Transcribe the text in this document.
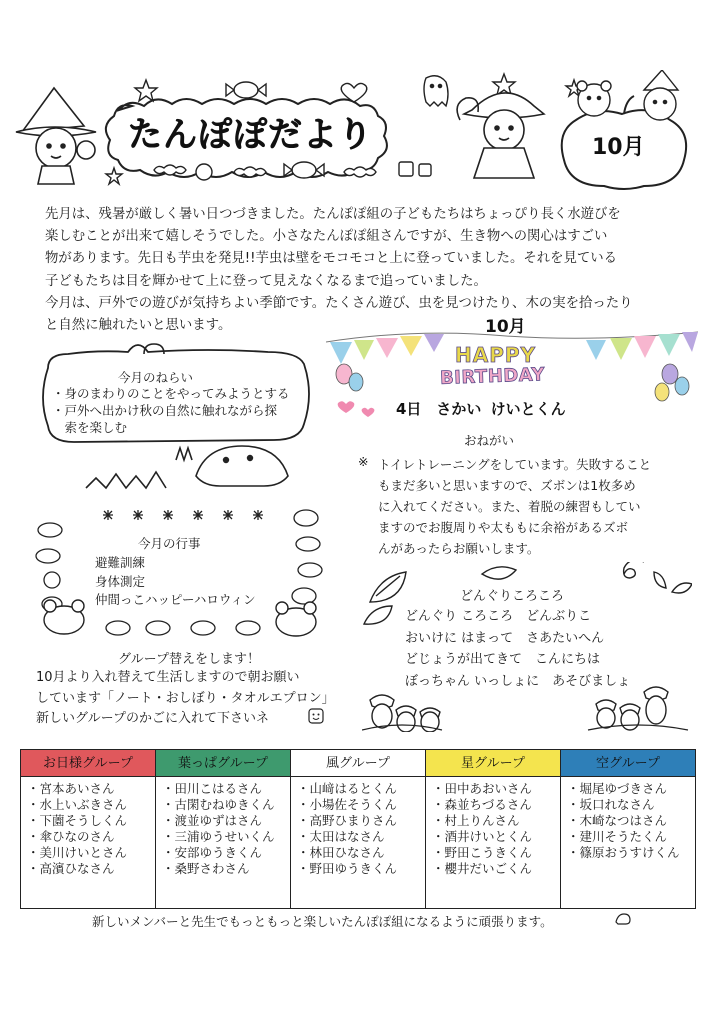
たんぽぽだより	10月

先月は、残暑が厳しく暑い日つづきました。たんぽぽ組の子どもたちはちょっぴり長く水遊びを

楽しむことが出来て嬉しそうでした。小さなたんぽぽ組さんですが、生き物への関心はすごい

物があります。先日も芋虫を発見!!芋虫は壁をモコモコと上に登っていました。それを見ている

子どもたちは目を輝かせて上に登って見えなくなるまで追っていました。

今月は、戸外での遊びが気持ちよい季節です。たくさん遊び、虫を見つけたり、木の実を拾ったり

と自然に触れたいと思います。

今月のねらい
・身のまわりのことをやってみようとする
・戸外へ出かけ秋の自然に触れながら探
　索を楽しむ
今月の行事
避難訓練
身体測定
仲間っこハッピーハロウィン
グループ替えをします！
10月より入れ替えて生活しますので朝お願い
しています「ノート・おしぼり・タオルエプロン」
新しいグループのかごに入れて下さいネ
10月
HAPPY
BIRTHDAY
4日　さかい けいとくん
おねがい
※ トイレトレーニングをしています。失敗すること
もまだ多いと思いますので、ズボンは1枚多め
に入れてください。また、着脱の練習もしてい
ますのでお腹周りや太ももに余裕があるズボ
んがあったらお願いします。
どんぐりころころ
どんぐり ころころ　どんぶりこ
おいけに はまって　さあたいへん
どじょうが出てきて　こんにちは
ぼっちゃん いっしょに　あそびましょ
お日様グループ
・宮本あいさん
・水上いぶきさん
・下薗そうしくん
・傘ひなのさん
・美川けいとさん
・高濱ひなさん
葉っぱグループ
・田川こはるさん
・古閑むねゆきくん
・渡並ゆずはさん
・三浦ゆうせいくん
・安部ゆうきくん
・桑野さわさん
風グループ
・山﨑はるとくん
・小場佐そうくん
・高野ひまりさん
・太田はなさん
・林田ひなさん
・野田ゆうきくん
星グループ
・田中あおいさん
・森並ちづるさん
・村上りんさん
・酒井けいとくん
・野田こうきくん
・櫻井だいごくん
空グループ
・堀尾ゆづきさん
・坂口れなさん
・木崎なつはさん
・建川そうたくん
・篠原おうすけくん
新しいメンバーと先生でもっともっと楽しいたんぽぽ組になるように頑張ります。
